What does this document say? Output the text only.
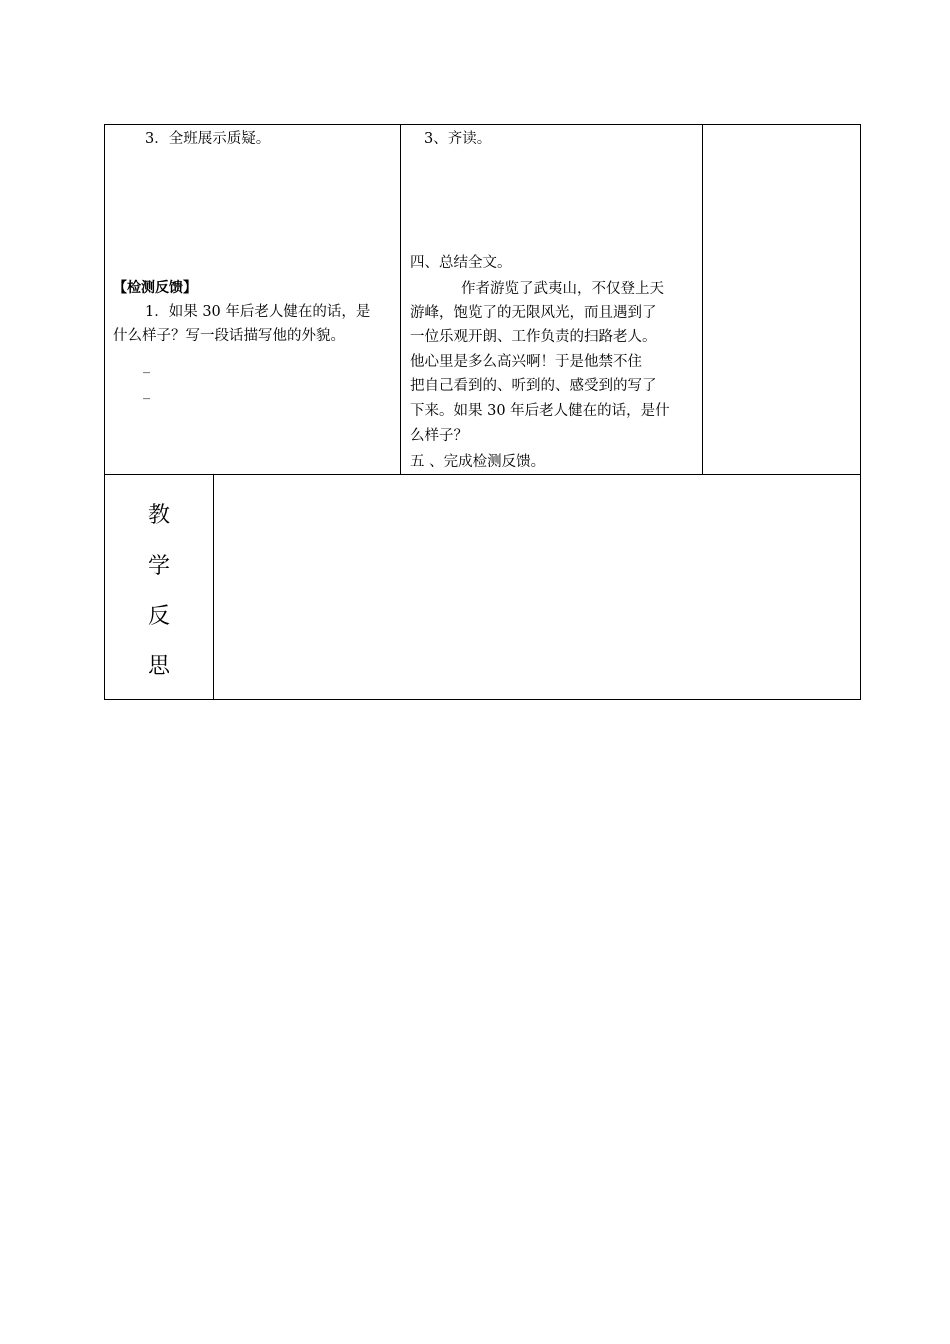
3．全班展示质疑。
【检测反馈】
1．如果 30 年后老人健在的话，是
什么样子？写一段话描写他的外貌。
_
_
3、齐读。
四、总结全文。
作者游览了武夷山，不仅登上天
游峰，饱览了的无限风光，而且遇到了
一位乐观开朗、工作负责的扫路老人。
他心里是多么高兴啊！于是他禁不住
把自己看到的、听到的、感受到的写了
下来。如果 30 年后老人健在的话，是什
么样子？
五 、完成检测反馈。
教
学
反
思
